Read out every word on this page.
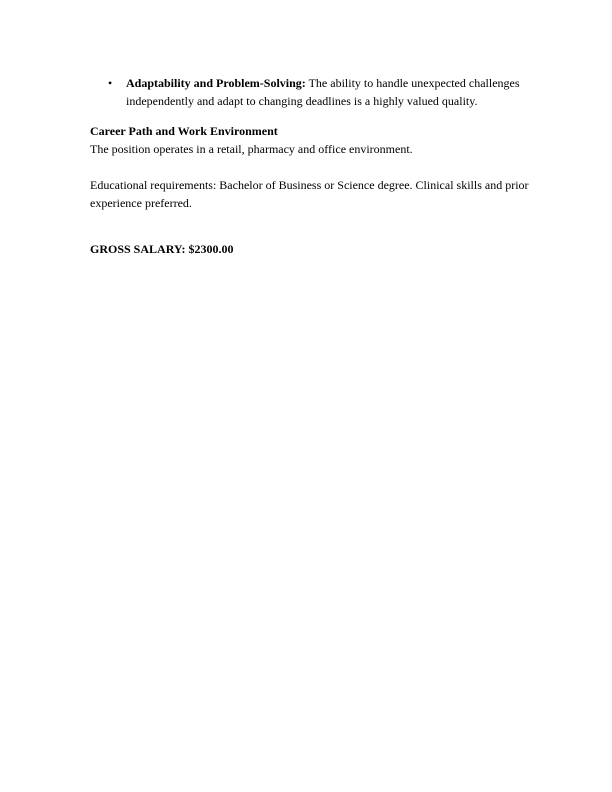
• Adaptability and Problem-Solving: The ability to handle unexpected challenges independently and adapt to changing deadlines is a highly valued quality.
Career Path and Work Environment
The position operates in a retail, pharmacy and office environment.
Educational requirements: Bachelor of Business or Science degree. Clinical skills and prior experience preferred.
GROSS SALARY: $2300.00
